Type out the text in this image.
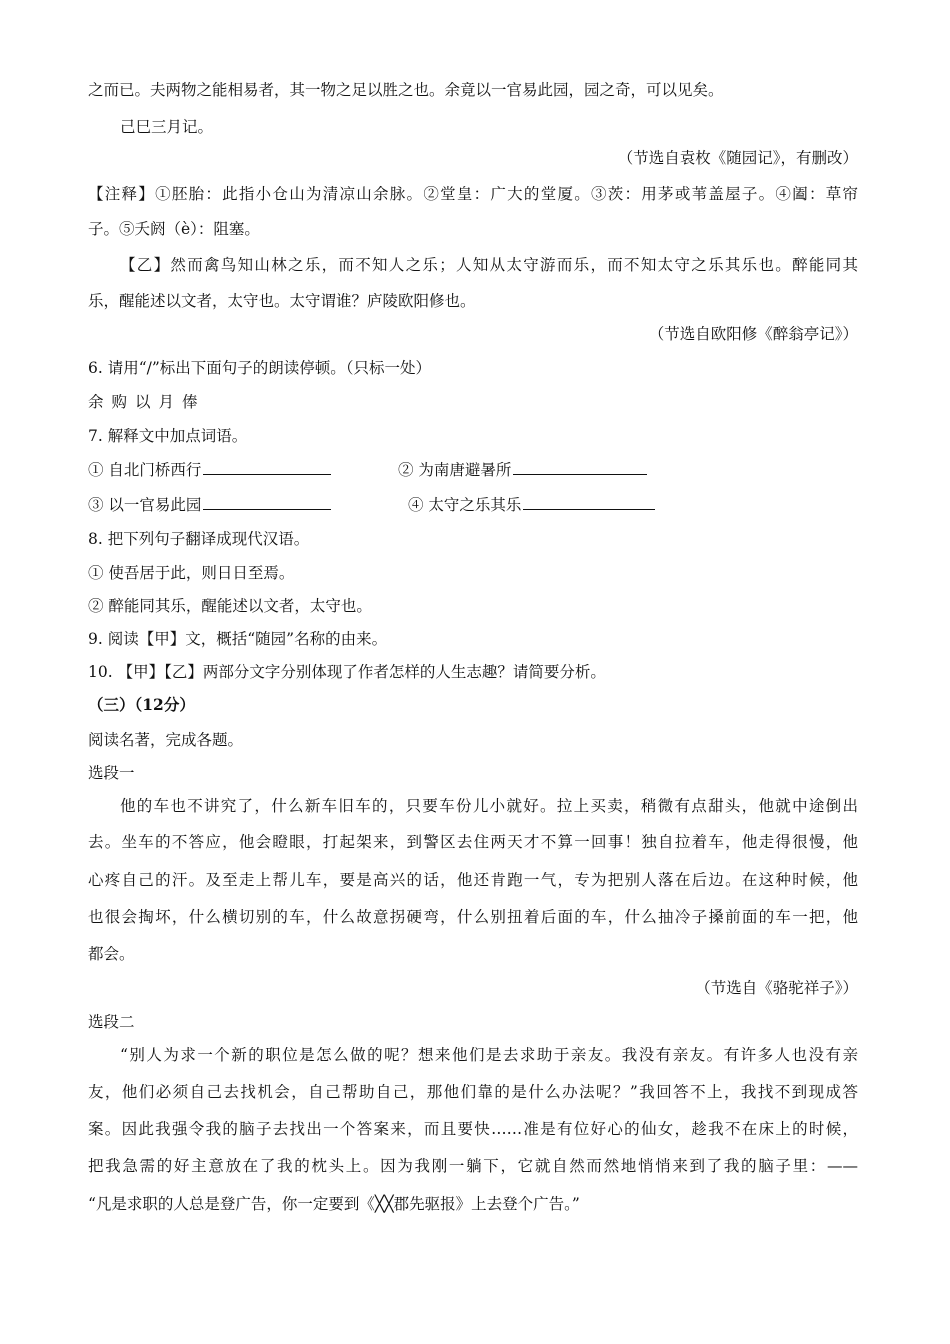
之而已。夫两物之能相易者，其一物之足以胜之也。余竟以一官易此园，园之奇，可以见矣。
己巳三月记。
（节选自袁枚《随园记》，有删改）
【注释】①胚胎：此指小仓山为清凉山余脉。②堂皇：广大的堂厦。③茨：用茅或苇盖屋子。④阖：草帘
子。⑤夭阏（è）：阻塞。
【乙】然而禽鸟知山林之乐，而不知人之乐；人知从太守游而乐，而不知太守之乐其乐也。醉能同其
乐，醒能述以文者，太守也。太守谓谁？庐陵欧阳修也。
（节选自欧阳修《醉翁亭记》）
6. 请用“/”标出下面句子的朗读停顿。（只标一处）
余购以月俸
7. 解释文中加点词语。
① 自北门桥西行	② 为南唐避暑所
③ 以一官易此园	④ 太守之乐其乐
8. 把下列句子翻译成现代汉语。
① 使吾居于此，则日日至焉。
② 醉能同其乐，醒能述以文者，太守也。
9. 阅读【甲】文，概括“随园”名称的由来。
10. 【甲】【乙】两部分文字分别体现了作者怎样的人生志趣？请简要分析。
（三）（12分）
阅读名著，完成各题。
选段一
他的车也不讲究了，什么新车旧车的，只要车份儿小就好。拉上买卖，稍微有点甜头，他就中途倒出
去。坐车的不答应，他会瞪眼，打起架来，到警区去住两天才不算一回事！独自拉着车，他走得很慢，他
心疼自己的汗。及至走上帮儿车，要是高兴的话，他还肯跑一气，专为把别人落在后边。在这种时候，他
也很会掏坏，什么横切别的车，什么故意拐硬弯，什么别扭着后面的车，什么抽冷子搡前面的车一把，他
都会。
（节选自《骆驼祥子》）
选段二
“别人为求一个新的职位是怎么做的呢？想来他们是去求助于亲友。我没有亲友。有许多人也没有亲
友，他们必须自己去找机会，自己帮助自己，那他们靠的是什么办法呢？”我回答不上，我找不到现成答
案。因此我强令我的脑子去找出一个答案来，而且要快……准是有位好心的仙女，趁我不在床上的时候，
把我急需的好主意放在了我的枕头上。因为我刚一躺下，它就自然而然地悄悄来到了我的脑子里：——
“凡是求职的人总是登广告，你一定要到《╳╳郡先驱报》上去登个广告。”
